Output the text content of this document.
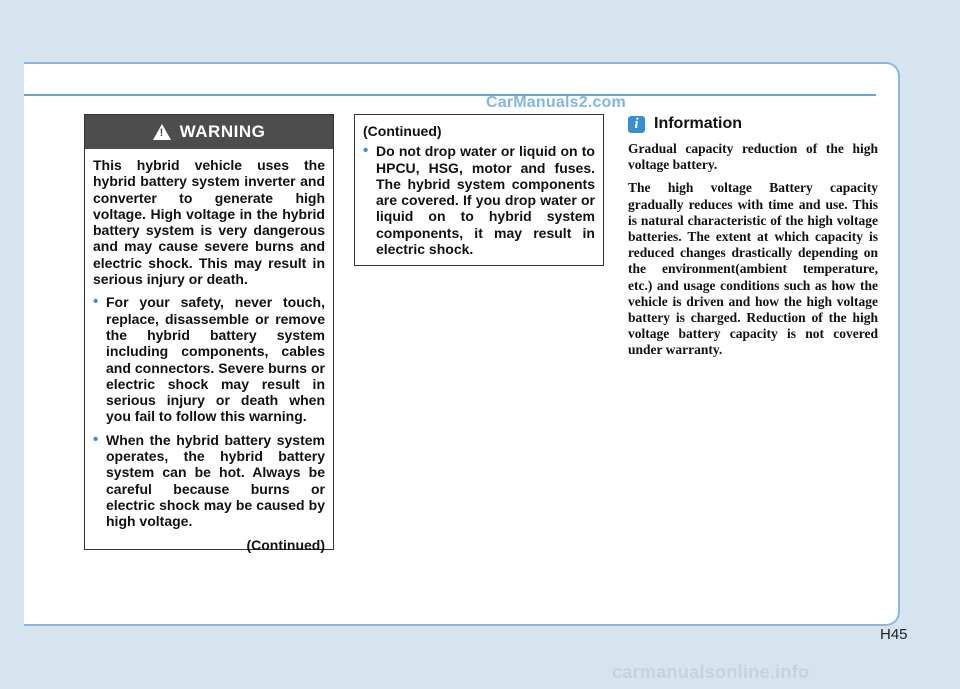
CarManuals2.com
! WARNING

This hybrid vehicle uses the hybrid battery system inverter and converter to generate high voltage. High voltage in the hybrid battery system is very dangerous and may cause severe burns and electric shock. This may result in serious injury or death.

• For your safety, never touch, replace, disassemble or remove the hybrid battery system including components, cables and connectors. Severe burns or electric shock may result in serious injury or death when you fail to follow this warning.
• When the hybrid battery system operates, the hybrid battery system can be hot. Always be careful because burns or electric shock may be caused by high voltage.
(Continued)
(Continued)
• Do not drop water or liquid on to HPCU, HSG, motor and fuses. The hybrid system components are covered. If you drop water or liquid on to hybrid system components, it may result in electric shock.
i Information

Gradual capacity reduction of the high voltage battery.

The high voltage Battery capacity gradually reduces with time and use. This is natural characteristic of the high voltage batteries. The extent at which capacity is reduced changes drastically depending on the environment(ambient temperature, etc.) and usage conditions such as how the vehicle is driven and how the high voltage battery is charged. Reduction of the high voltage battery capacity is not covered under warranty.

H45
carmanualsonline.info
